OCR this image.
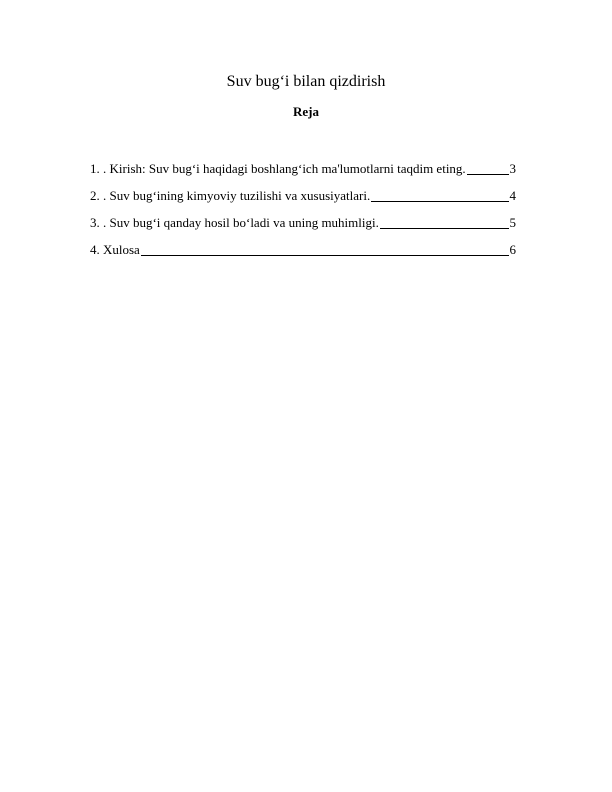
Suv bug‘i bilan qizdirish
Reja
1. . Kirish: Suv bug‘i haqidagi boshlang‘ich ma'lumotlarni taqdim eting.	3
2. . Suv bug‘ining kimyoviy tuzilishi va xususiyatlari.	4
3. . Suv bug‘i qanday hosil bo‘ladi va uning muhimligi.	5
4. Xulosa	6
